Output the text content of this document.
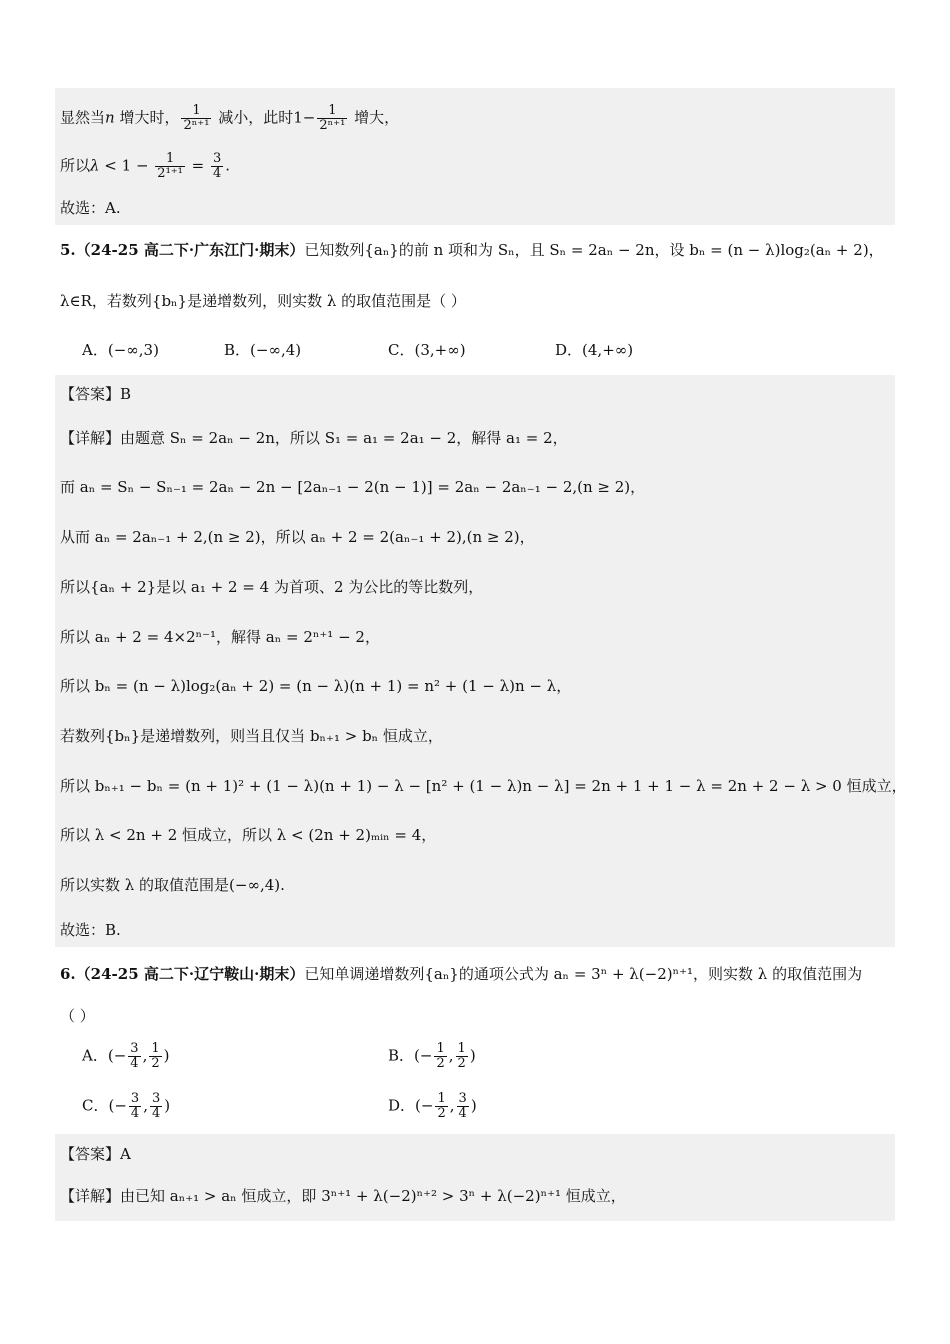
显然当n 增大时， $\frac{1}{\text{2ⁿ⁺¹}}$ 减小，此时$1- \frac{1}{\text{2ⁿ⁺¹}}$ 增大，
所以$\lambda < 1 - \frac{1}{\text{2¹⁺¹}} = \frac{3}{4}$ .
故选：A.
5.（24-25 高二下·广东江门·期末）已知数列{aₙ}的前 n 项和为 Sₙ，且 Sₙ = 2aₙ − 2n，设 bₙ = (n − λ)log₂(aₙ + 2)，
λ∈R，若数列{bₙ}是递增数列，则实数 λ 的取值范围是（ ）
A．(−∞,3)	B．(−∞,4)	C．(3,+∞)	D．(4,+∞)
【答案】B
【详解】由题意 Sₙ = 2aₙ − 2n，所以 S₁ = a₁ = 2a₁ − 2，解得 a₁ = 2，
而 aₙ = Sₙ − Sₙ₋₁ = 2aₙ − 2n − [2aₙ₋₁ − 2(n − 1)] = 2aₙ − 2aₙ₋₁ − 2,(n ≥ 2)，
从而 aₙ = 2aₙ₋₁ + 2,(n ≥ 2)，所以 aₙ + 2 = 2(aₙ₋₁ + 2),(n ≥ 2)，
所以{aₙ + 2}是以 a₁ + 2 = 4 为首项、2 为公比的等比数列，
所以 aₙ + 2 = 4×2ⁿ⁻¹，解得 aₙ = 2ⁿ⁺¹ − 2，
所以 bₙ = (n − λ)log₂(aₙ + 2) = (n − λ)(n + 1) = n² + (1 − λ)n − λ，
若数列{bₙ}是递增数列，则当且仅当 bₙ₊₁ > bₙ 恒成立，
所以 bₙ₊₁ − bₙ = (n + 1)² + (1 − λ)(n + 1) − λ − [n² + (1 − λ)n − λ] = 2n + 1 + 1 − λ = 2n + 2 − λ > 0 恒成立，
所以 λ < 2n + 2 恒成立，所以 λ < (2n + 2)ₘᵢₙ = 4，
所以实数 λ 的取值范围是(−∞,4).
故选：B.
6.（24-25 高二下·辽宁鞍山·期末）已知单调递增数列{aₙ}的通项公式为 aₙ = 3ⁿ + λ(−2)ⁿ⁺¹，则实数 λ 的取值范围为
（ ）
A．(− $\frac{3}{4}$ , $\frac{1}{2}$ )	B．(− $\frac{1}{2}$ , $\frac{1}{2}$ )
C．(− $\frac{3}{4}$ , $\frac{3}{4}$ )	D．(− $\frac{1}{2}$ , $\frac{3}{4}$ )
【答案】A
【详解】由已知 aₙ₊₁ > aₙ 恒成立，即 3ⁿ⁺¹ + λ(−2)ⁿ⁺² > 3ⁿ + λ(−2)ⁿ⁺¹ 恒成立，
